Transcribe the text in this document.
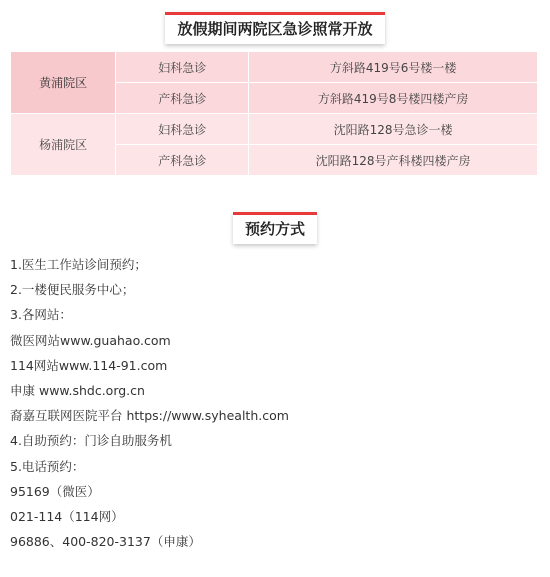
放假期间两院区急诊照常开放
黄浦院区	妇科急诊	方斜路419号6号楼一楼
	产科急诊	方斜路419号8号楼四楼产房
杨浦院区	妇科急诊	沈阳路128号急诊一楼
	产科急诊	沈阳路128号产科楼四楼产房
预约方式
1.医生工作站诊间预约；
2.一楼便民服务中心；
3.各网站：
微医网站www.guahao.com
114网站www.114-91.com
申康 www.shdc.org.cn
裔嘉互联网医院平台 https://www.syhealth.com
4.自助预约：门诊自助服务机
5.电话预约：
95169（微医）
021-114（114网）
96886、400-820-3137（申康）
